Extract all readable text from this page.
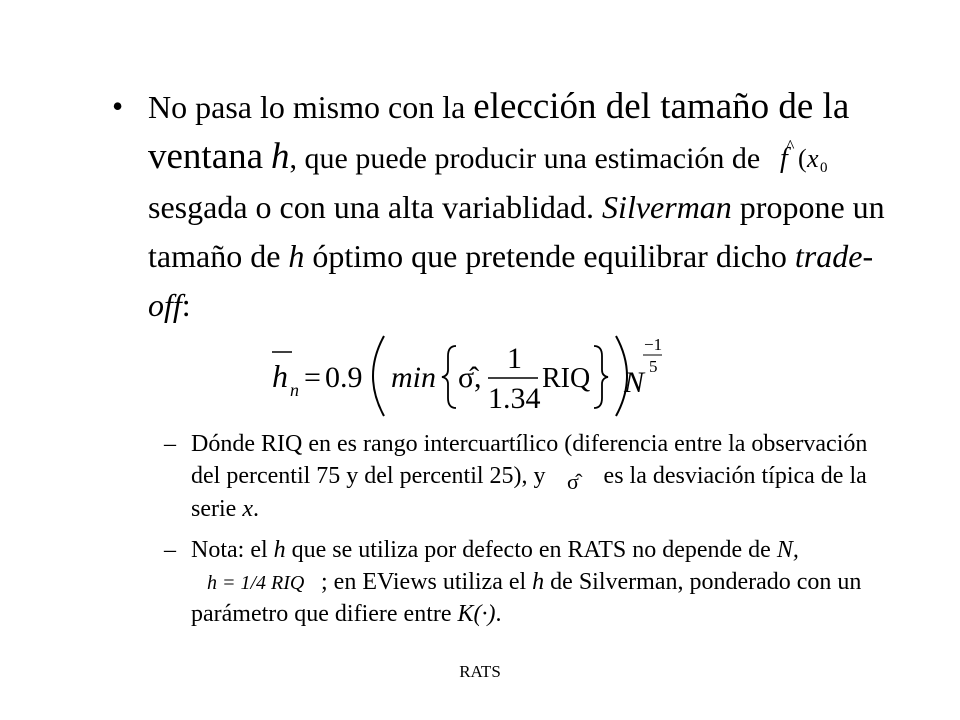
• No pasa lo mismo con la elección del tamaño de la ventana h, que puede producir una estimación de f
^ ( x 0
sesgada o con una alta variablidad. Silverman propone un tamaño de h óptimo que pretende equilibrar dicho trade-off:
h n = 0.9 min σ̂ ,
1
1.34
RIQ N
−1
5
– Dónde RIQ en es rango intercuartílico (diferencia entre la observación del percentil 75 y del percentil 25), y σ̂ es la desviación típica de la serie x.
– Nota: el h que se utiliza por defecto en RATS no depende de N,

h = 1/4 RIQ ; en EViews utiliza el h de Silverman, ponderado con un parámetro que difiere entre K(·).
RATS
